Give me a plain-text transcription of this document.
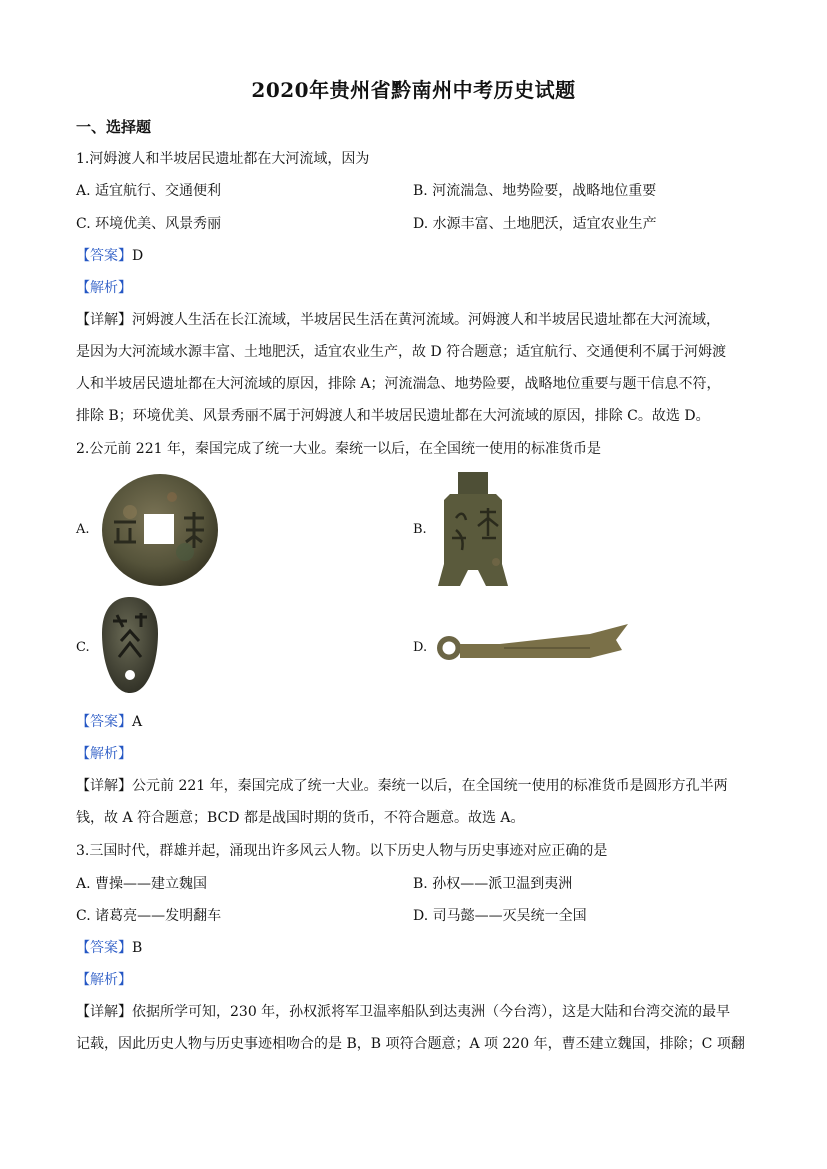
2020年贵州省黔南州中考历史试题
一、选择题
1.河姆渡人和半坡居民遗址都在大河流域，因为
A. 适宜航行、交通便利	B. 河流湍急、地势险要，战略地位重要
C. 环境优美、风景秀丽	D. 水源丰富、土地肥沃，适宜农业生产
【答案】D
【解析】
【详解】河姆渡人生活在长江流域，半坡居民生活在黄河流域。河姆渡人和半坡居民遗址都在大河流域，
是因为大河流域水源丰富、土地肥沃，适宜农业生产，故 D 符合题意；适宜航行、交通便利不属于河姆渡
人和半坡居民遗址都在大河流域的原因，排除 A；河流湍急、地势险要，战略地位重要与题干信息不符，
排除 B；环境优美、风景秀丽不属于河姆渡人和半坡居民遗址都在大河流域的原因，排除 C。故选 D。
2.公元前 221 年，秦国完成了统一大业。秦统一以后，在全国统一使用的标准货币是
A.	B.
C.	D.
【答案】A
【解析】
【详解】公元前 221 年，秦国完成了统一大业。秦统一以后，在全国统一使用的标准货币是圆形方孔半两
钱，故 A 符合题意；BCD 都是战国时期的货币，不符合题意。故选 A。
3.三国时代，群雄并起，涌现出许多风云人物。以下历史人物与历史事迹对应正确的是
A. 曹操——建立魏国	B. 孙权——派卫温到夷洲
C. 诸葛亮——发明翻车	D. 司马懿——灭吴统一全国
【答案】B
【解析】
【详解】依据所学可知，230 年，孙权派将军卫温率船队到达夷洲（今台湾），这是大陆和台湾交流的最早
记载，因此历史人物与历史事迹相吻合的是 B，B 项符合题意；A 项 220 年，曹丕建立魏国，排除；C 项翻
